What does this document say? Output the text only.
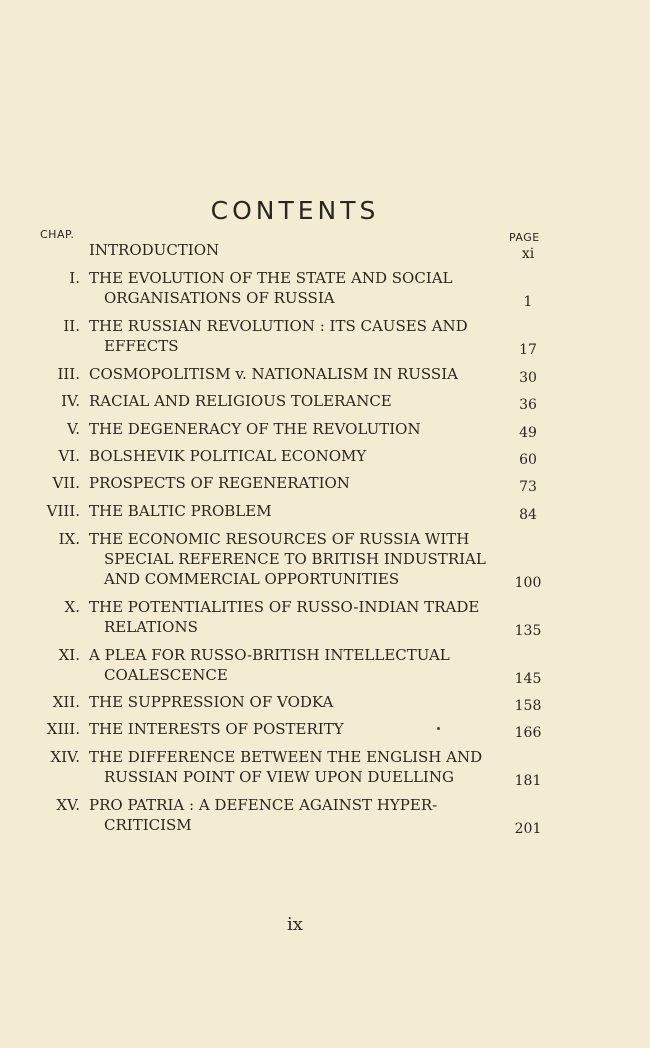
CONTENTS
CHAP.	PAGE
INTRODUCTION	xi
I. THE EVOLUTION OF THE STATE AND SOCIAL
ORGANISATIONS OF RUSSIA	1
II. THE RUSSIAN REVOLUTION : ITS CAUSES AND
EFFECTS	17
III. COSMOPOLITISM v. NATIONALISM IN RUSSIA	30
IV. RACIAL AND RELIGIOUS TOLERANCE	36
V. THE DEGENERACY OF THE REVOLUTION	49
VI. BOLSHEVIK POLITICAL ECONOMY	60
VII. PROSPECTS OF REGENERATION	73
VIII. THE BALTIC PROBLEM	84
IX. THE ECONOMIC RESOURCES OF RUSSIA WITH
SPECIAL REFERENCE TO BRITISH INDUSTRIAL
AND COMMERCIAL OPPORTUNITIES	100
X. THE POTENTIALITIES OF RUSSO-INDIAN TRADE
RELATIONS	135
XI. A PLEA FOR RUSSO-BRITISH INTELLECTUAL
COALESCENCE	145
XII. THE SUPPRESSION OF VODKA	158
XIII. THE INTERESTS OF POSTERITY	166
XIV. THE DIFFERENCE BETWEEN THE ENGLISH AND
RUSSIAN POINT OF VIEW UPON DUELLING	181
XV. PRO PATRIA : A DEFENCE AGAINST HYPER-
CRITICISM	201
ix
